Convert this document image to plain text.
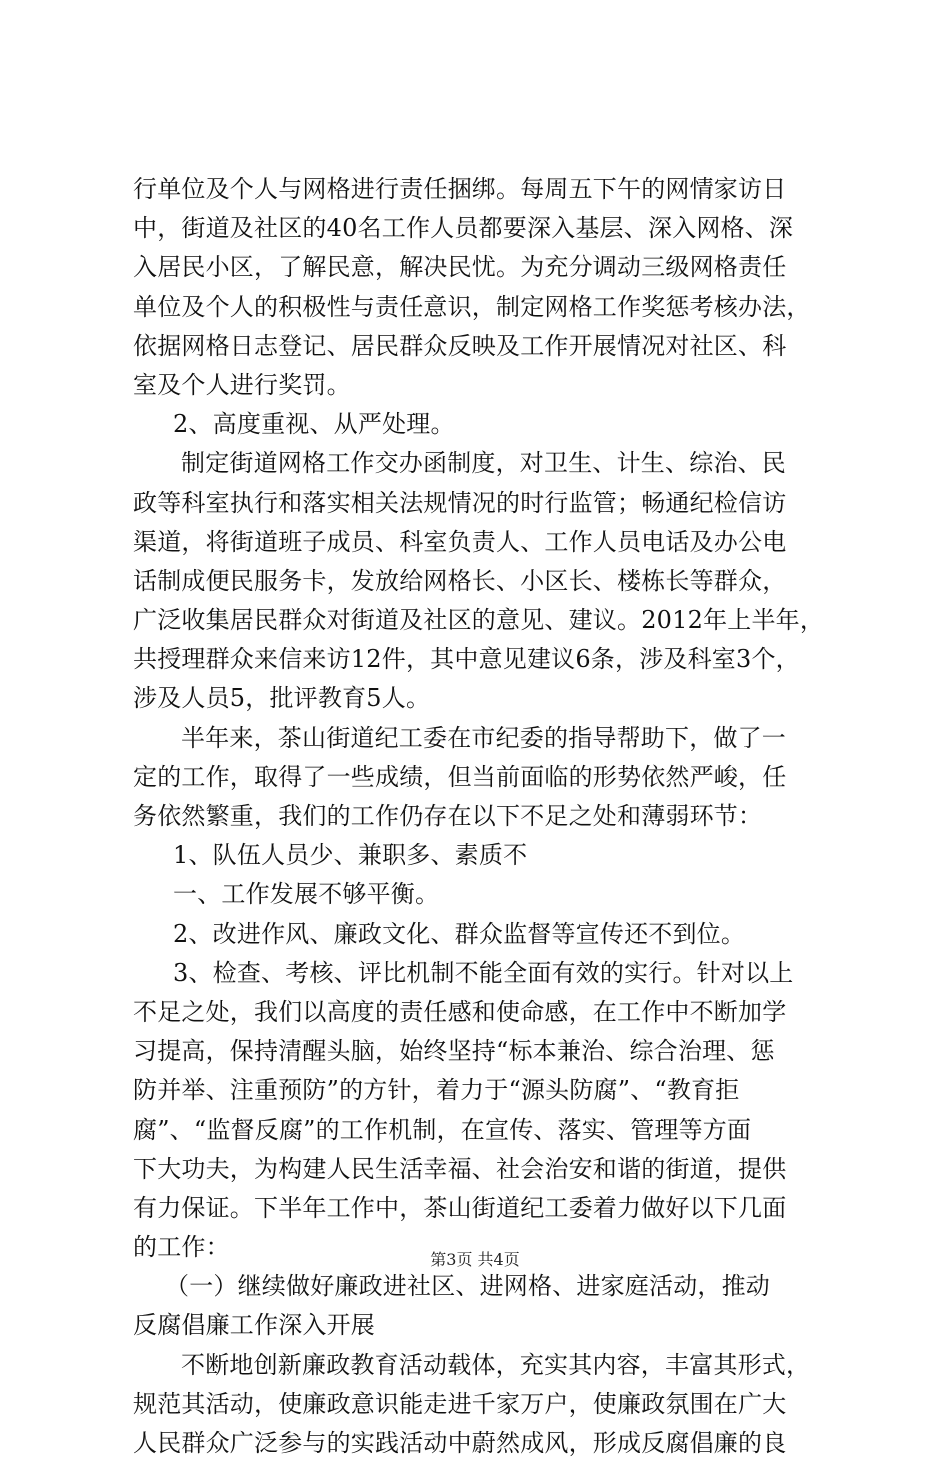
行单位及个人与网格进行责任捆绑。每周五下午的网情家访日
中，街道及社区的40名工作人员都要深入基层、深入网格、深
入居民小区，了解民意，解决民忧。为充分调动三级网格责任
单位及个人的积极性与责任意识，制定网格工作奖惩考核办法，
依据网格日志登记、居民群众反映及工作开展情况对社区、科
室及个人进行奖罚。
2、高度重视、从严处理。
制定街道网格工作交办函制度，对卫生、计生、综治、民
政等科室执行和落实相关法规情况的时行监管；畅通纪检信访
渠道，将街道班子成员、科室负责人、工作人员电话及办公电
话制成便民服务卡，发放给网格长、小区长、楼栋长等群众，
广泛收集居民群众对街道及社区的意见、建议。2012年上半年，
共授理群众来信来访12件，其中意见建议6条，涉及科室3个，
涉及人员5，批评教育5人。
半年来，茶山街道纪工委在市纪委的指导帮助下，做了一
定的工作，取得了一些成绩，但当前面临的形势依然严峻，任
务依然繁重，我们的工作仍存在以下不足之处和薄弱环节：
1、队伍人员少、兼职多、素质不
一、工作发展不够平衡。
2、改进作风、廉政文化、群众监督等宣传还不到位。
3、检查、考核、评比机制不能全面有效的实行。针对以上
不足之处，我们以高度的责任感和使命感，在工作中不断加学
习提高，保持清醒头脑，始终坚持“标本兼治、综合治理、惩
防并举、注重预防”的方针，着力于“源头防腐”、“教育拒
腐”、“监督反腐”的工作机制，在宣传、落实、管理等方面
下大功夫，为构建人民生活幸福、社会治安和谐的街道，提供
有力保证。下半年工作中，茶山街道纪工委着力做好以下几面
的工作：
（一）继续做好廉政进社区、进网格、进家庭活动，推动
反腐倡廉工作深入开展
不断地创新廉政教育活动载体，充实其内容，丰富其形式，
规范其活动，使廉政意识能走进千家万户，使廉政氛围在广大
人民群众广泛参与的实践活动中蔚然成风，形成反腐倡廉的良
第3页 共4页
